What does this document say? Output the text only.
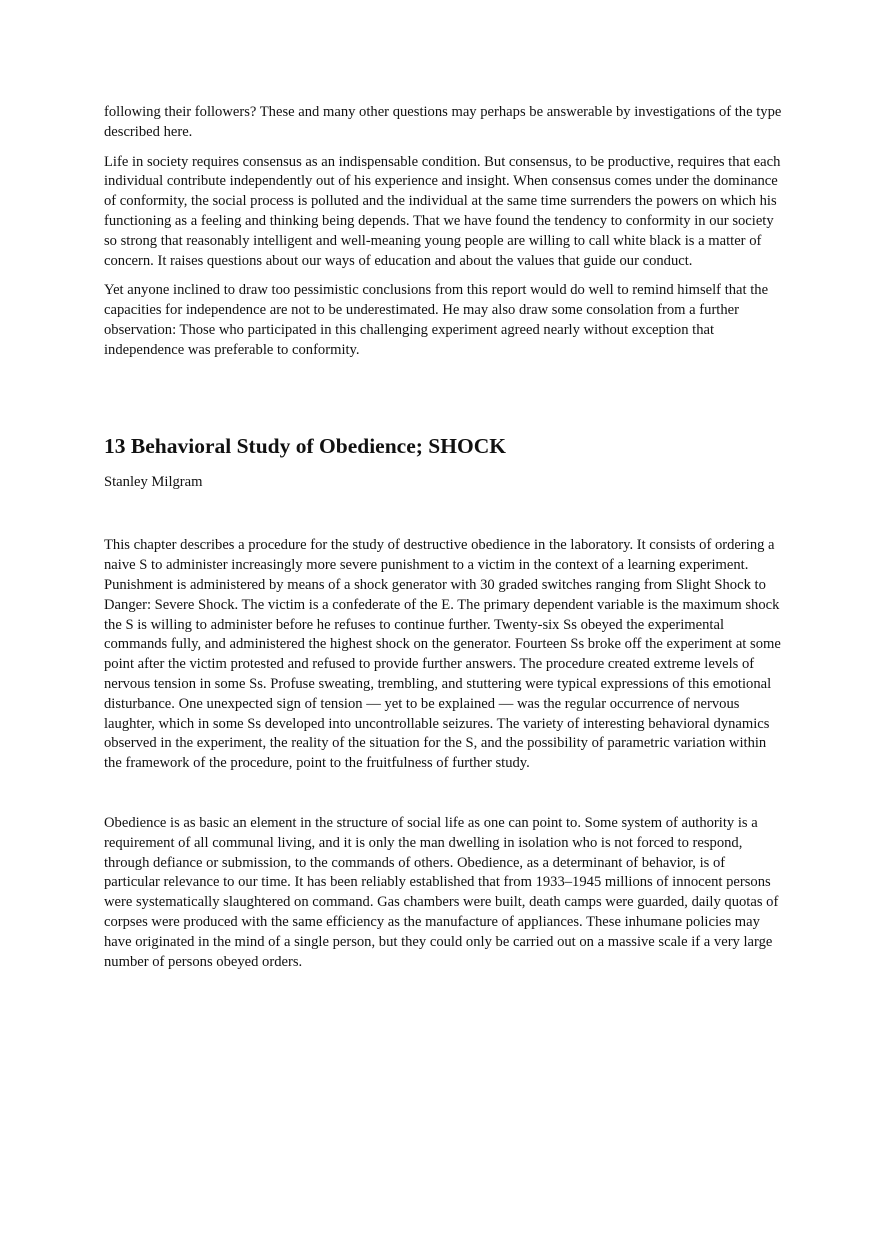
following their followers? These and many other questions may perhaps be answerable by investigations of the type described here.

Life in society requires consensus as an indispensable condition. But consensus, to be productive, requires that each individual contribute independently out of his experience and insight. When consensus comes under the dominance of conformity, the social process is polluted and the individual at the same time surrenders the powers on which his functioning as a feeling and thinking being depends. That we have found the tendency to conformity in our society so strong that reasonably intelligent and well-meaning young people are willing to call white black is a matter of concern. It raises questions about our ways of education and about the values that guide our conduct.

Yet anyone inclined to draw too pessimistic conclusions from this report would do well to remind himself that the capacities for independence are not to be underestimated. He may also draw some consolation from a further observation: Those who participated in this challenging experiment agreed nearly without exception that independence was preferable to conformity.

13 Behavioral Study of Obedience; SHOCK
Stanley Milgram

This chapter describes a procedure for the study of destructive obedience in the laboratory. It consists of ordering a naive S to administer increasingly more severe punishment to a victim in the context of a learning experiment. Punishment is administered by means of a shock generator with 30 graded switches ranging from Slight Shock to Danger: Severe Shock. The victim is a confederate of the E. The primary dependent variable is the maximum shock the S is willing to administer before he refuses to continue further. Twenty-six Ss obeyed the experimental commands fully, and administered the highest shock on the generator. Fourteen Ss broke off the experiment at some point after the victim protested and refused to provide further answers. The procedure created extreme levels of nervous tension in some Ss. Profuse sweating, trembling, and stuttering were typical expressions of this emotional disturbance. One unexpected sign of tension — yet to be explained — was the regular occurrence of nervous laughter, which in some Ss developed into uncontrollable seizures. The variety of interesting behavioral dynamics observed in the experiment, the reality of the situation for the S, and the possibility of parametric variation within the framework of the procedure, point to the fruitfulness of further study.

Obedience is as basic an element in the structure of social life as one can point to. Some system of authority is a requirement of all communal living, and it is only the man dwelling in isolation who is not forced to respond, through defiance or submission, to the commands of others. Obedience, as a determinant of behavior, is of particular relevance to our time. It has been reliably established that from 1933–1945 millions of innocent persons were systematically slaughtered on command. Gas chambers were built, death camps were guarded, daily quotas of corpses were produced with the same efficiency as the manufacture of appliances. These inhumane policies may have originated in the mind of a single person, but they could only be carried out on a massive scale if a very large number of persons obeyed orders.
